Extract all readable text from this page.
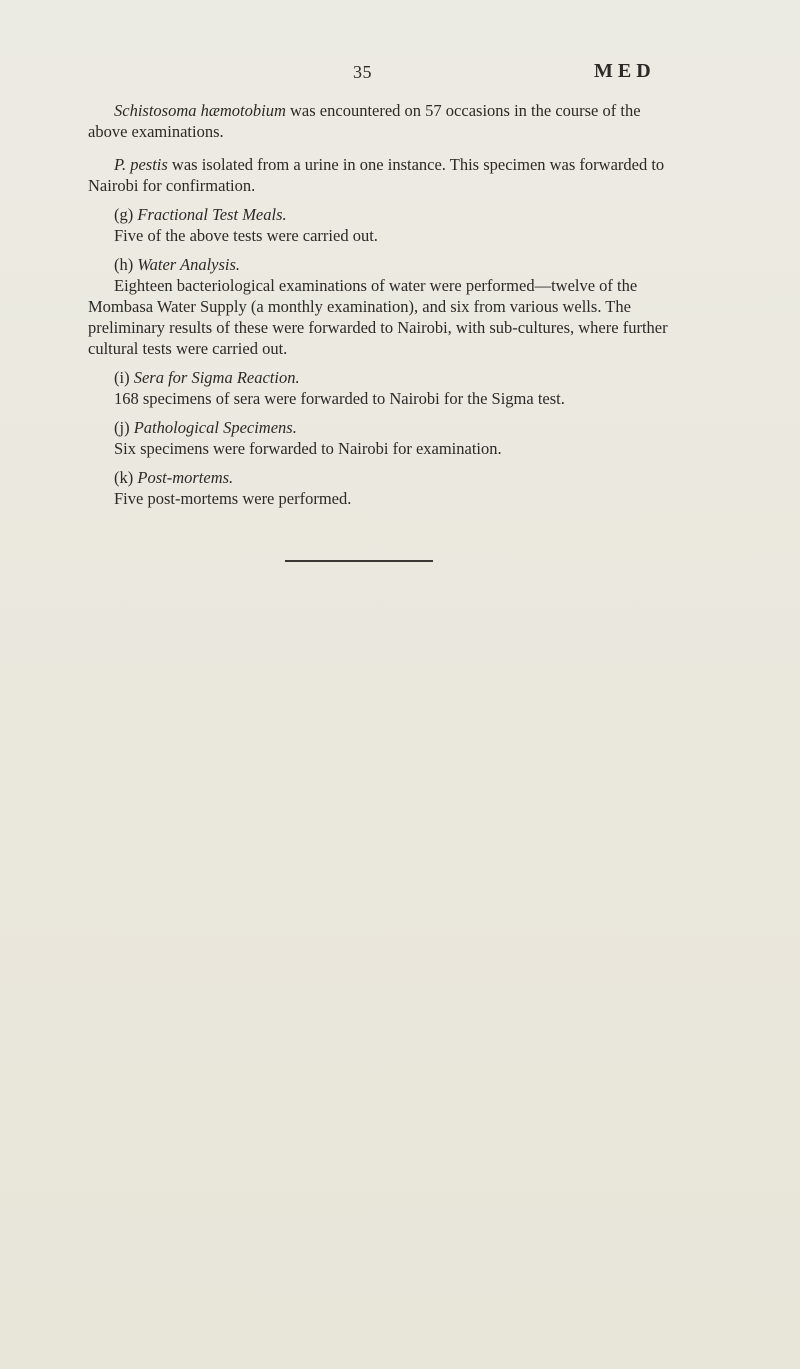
35	MED

Schistosoma hæmotobium was encountered on 57 occasions in the course of the above examinations.

P. pestis was isolated from a urine in one instance. This specimen was forwarded to Nairobi for confirmation.

(g) Fractional Test Meals.

Five of the above tests were carried out.

(h) Water Analysis.

Eighteen bacteriological examinations of water were performed—twelve of the Mombasa Water Supply (a monthly examination), and six from various wells. The preliminary results of these were forwarded to Nairobi, with sub-cultures, where further cultural tests were carried out.

(i) Sera for Sigma Reaction.

168 specimens of sera were forwarded to Nairobi for the Sigma test.

(j) Pathological Specimens.

Six specimens were forwarded to Nairobi for examination.

(k) Post-mortems.

Five post-mortems were performed.
